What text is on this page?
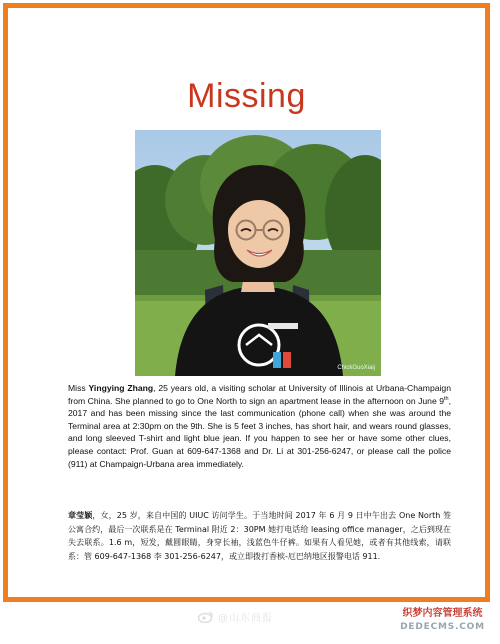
Missing
ChickGuoXiaij
Miss Yingying Zhang, 25 years old, a visiting scholar at University of Illinois at Urbana-Champaign from China. She planned to go to One North to sign an apartment lease in the afternoon on June 9th, 2017 and has been missing since the last communication (phone call) when she was around the Terminal area at 2:30pm on the 9th. She is 5 feet 3 inches, has short hair, and wears round glasses, and long sleeved T-shirt and light blue jean. If you happen to see her or have some other clues, please contact: Prof. Guan at 609-647-1368 and Dr. Li at 301-256-6247, or please call the police (911) at Champaign-Urbana area immediately.
章莹颖，女，25 岁，来自中国的 UIUC 访问学生。于当地时间 2017 年 6 月 9 日中午出去 One North 签公寓合约，最后一次联系是在 Terminal 附近 2：30PM 她打电话给 leasing office manager，之后到现在失去联系。1.6 m，短发，戴圆眼睛，身穿长袖，浅蓝色牛仔裤。如果有人看见她，或者有其他线索，请联系：管 609-647-1368 李 301-256-6247，或立即拨打香槟-厄巴纳地区报警电话 911.
@山东商报	织梦内容管理系统
DEDECMS.COM
